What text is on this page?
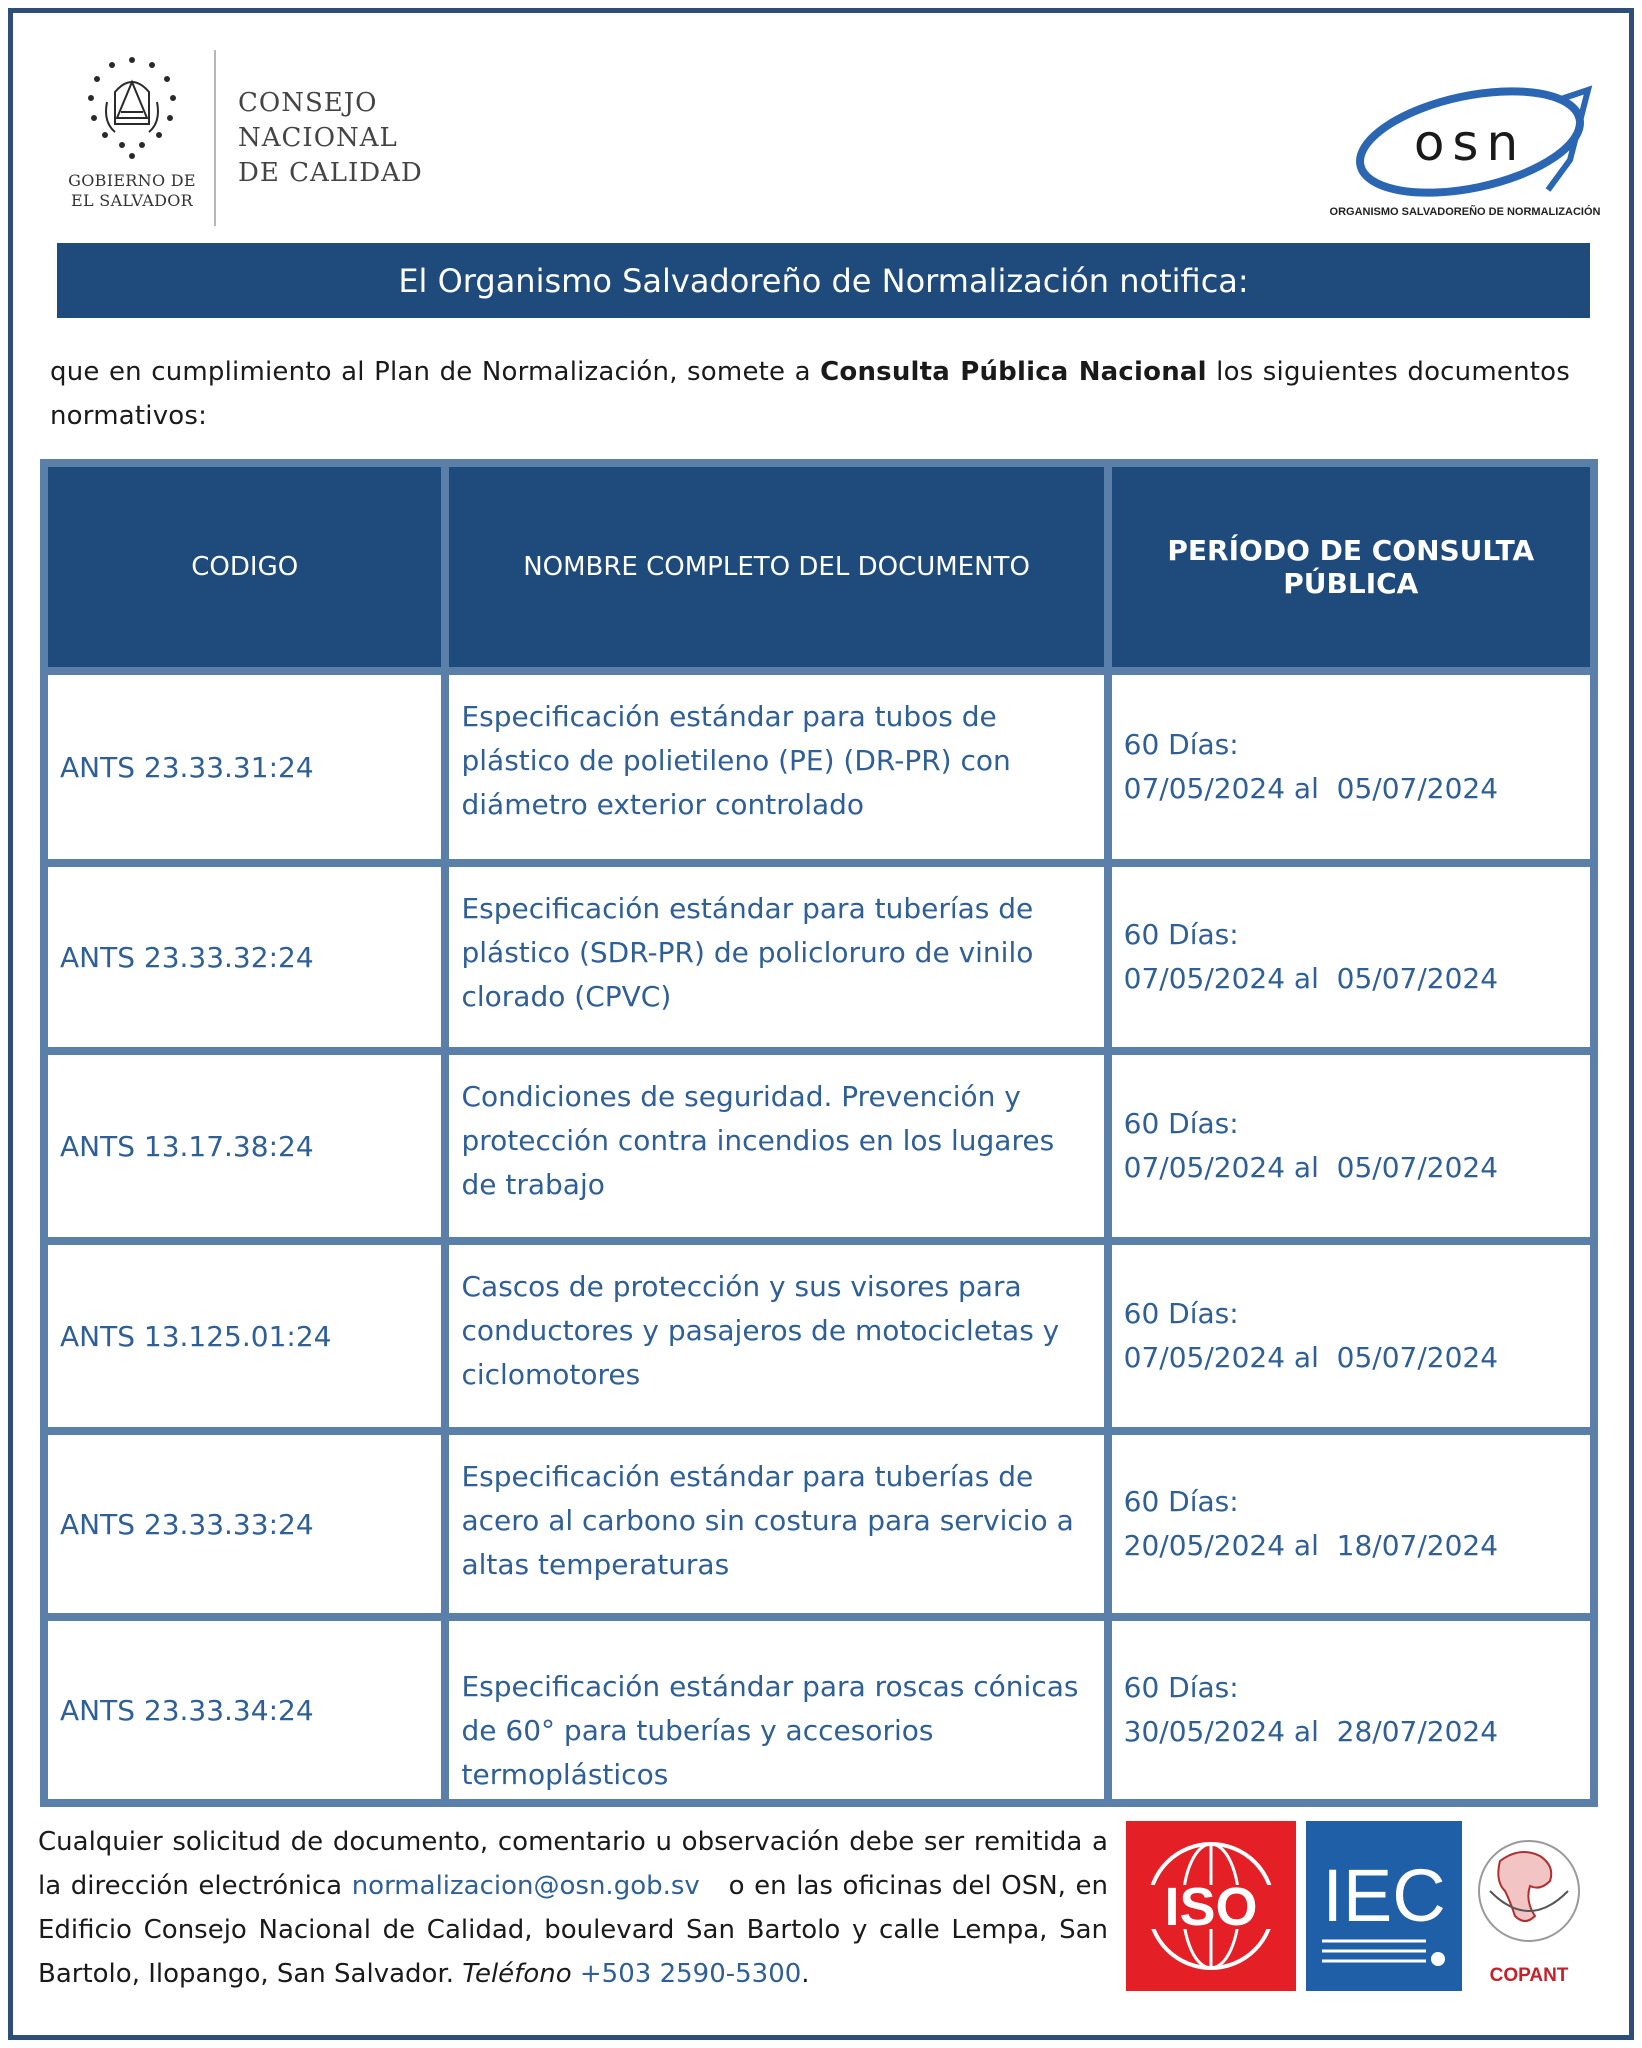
GOBIERNO DE
EL SALVADOR
CONSEJO
NACIONAL
DE CALIDAD
osn
ORGANISMO SALVADOREÑO DE NORMALIZACIÓN
El Organismo Salvadoreño de Normalización notifica:
que en cumplimiento al Plan de Normalización, somete a Consulta Pública Nacional los siguientes documentos normativos:
CODIGO	NOMBRE COMPLETO DEL DOCUMENTO	PERÍODO DE CONSULTA PÚBLICA
ANTS 23.33.31:24
Especificación estándar para tubos de plástico de polietileno (PE) (DR-PR) con diámetro exterior controlado
60 Días:
07/05/2024 al  05/07/2024
ANTS 23.33.32:24
Especificación estándar para tuberías de plástico (SDR-PR) de policloruro de vinilo clorado (CPVC)
60 Días:
07/05/2024 al  05/07/2024
ANTS 13.17.38:24
Condiciones de seguridad. Prevención y protección contra incendios en los lugares de trabajo
60 Días:
07/05/2024 al  05/07/2024
ANTS 13.125.01:24
Cascos de protección y sus visores para conductores y pasajeros de motocicletas y ciclomotores
60 Días:
07/05/2024 al  05/07/2024
ANTS 23.33.33:24
Especificación estándar para tuberías de acero al carbono sin costura para servicio a altas temperaturas
60 Días:
20/05/2024 al  18/07/2024
ANTS 23.33.34:24
Especificación estándar para roscas cónicas de 60° para tuberías y accesorios termoplásticos
60 Días:
30/05/2024 al  28/07/2024
Cualquier solicitud de documento, comentario u observación debe ser remitida a la dirección electrónica normalizacion@osn.gob.sv   o en las oficinas del OSN, en Edificio Consejo Nacional de Calidad, boulevard San Bartolo y calle Lempa, San Bartolo, Ilopango, San Salvador. Teléfono +503 2590-5300.
ISO IEC
COPANT
